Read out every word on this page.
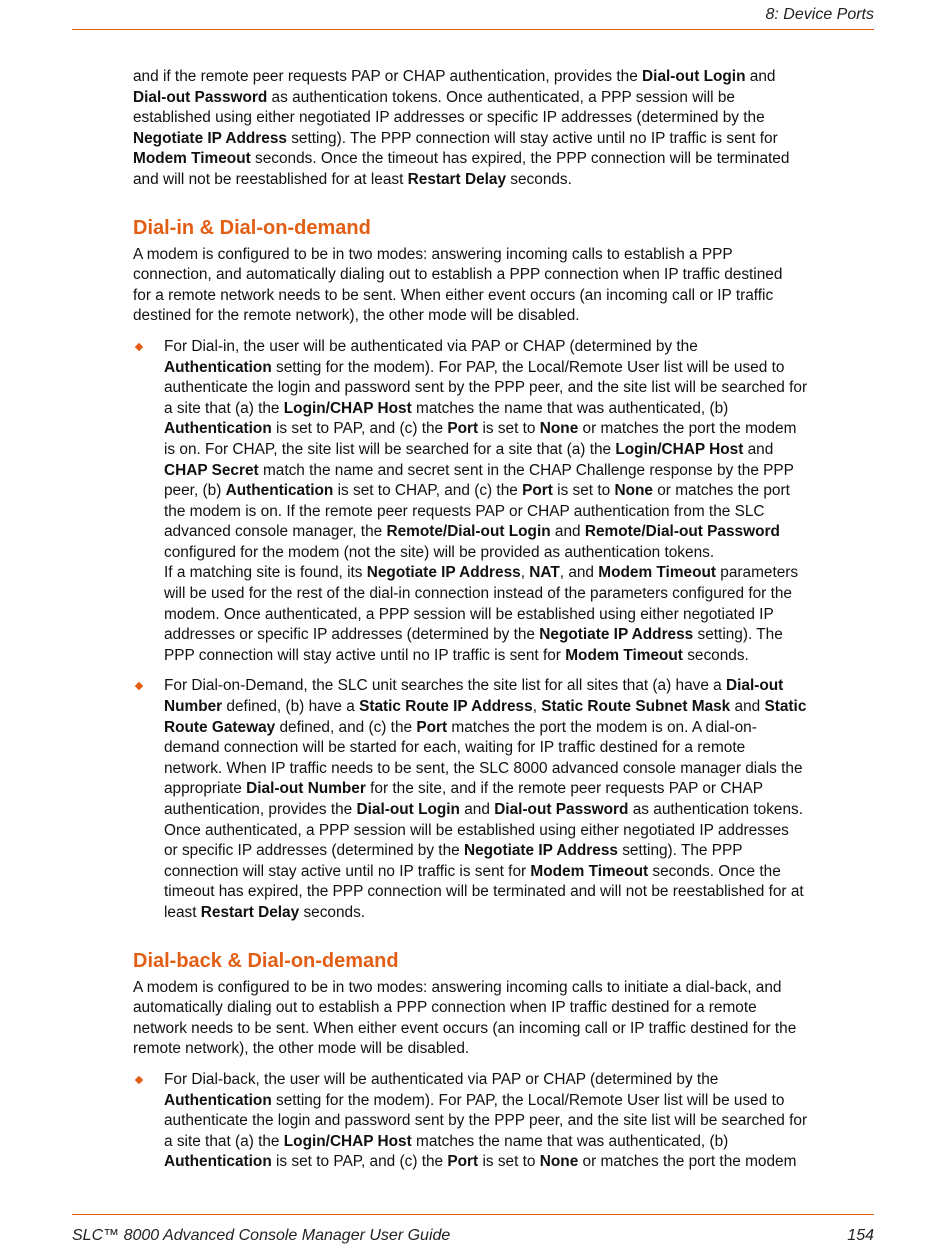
8: Device Ports
and if the remote peer requests PAP or CHAP authentication, provides the Dial-out Login and
Dial-out Password as authentication tokens. Once authenticated, a PPP session will be
established using either negotiated IP addresses or specific IP addresses (determined by the
Negotiate IP Address setting). The PPP connection will stay active until no IP traffic is sent for
Modem Timeout seconds. Once the timeout has expired, the PPP connection will be terminated
and will not be reestablished for at least Restart Delay seconds.
Dial-in & Dial-on-demand
A modem is configured to be in two modes: answering incoming calls to establish a PPP
connection, and automatically dialing out to establish a PPP connection when IP traffic destined
for a remote network needs to be sent. When either event occurs (an incoming call or IP traffic
destined for the remote network), the other mode will be disabled.
For Dial-in, the user will be authenticated via PAP or CHAP (determined by the
Authentication setting for the modem). For PAP, the Local/Remote User list will be used to
authenticate the login and password sent by the PPP peer, and the site list will be searched for
a site that (a) the Login/CHAP Host matches the name that was authenticated, (b)
Authentication is set to PAP, and (c) the Port is set to None or matches the port the modem
is on. For CHAP, the site list will be searched for a site that (a) the Login/CHAP Host and
CHAP Secret match the name and secret sent in the CHAP Challenge response by the PPP
peer, (b) Authentication is set to CHAP, and (c) the Port is set to None or matches the port
the modem is on. If the remote peer requests PAP or CHAP authentication from the SLC
advanced console manager, the Remote/Dial-out Login and Remote/Dial-out Password
configured for the modem (not the site) will be provided as authentication tokens.
If a matching site is found, its Negotiate IP Address, NAT, and Modem Timeout parameters
will be used for the rest of the dial-in connection instead of the parameters configured for the
modem. Once authenticated, a PPP session will be established using either negotiated IP
addresses or specific IP addresses (determined by the Negotiate IP Address setting). The
PPP connection will stay active until no IP traffic is sent for Modem Timeout seconds.
For Dial-on-Demand, the SLC unit searches the site list for all sites that (a) have a Dial-out
Number defined, (b) have a Static Route IP Address, Static Route Subnet Mask and Static
Route Gateway defined, and (c) the Port matches the port the modem is on. A dial-on-
demand connection will be started for each, waiting for IP traffic destined for a remote
network. When IP traffic needs to be sent, the SLC 8000 advanced console manager dials the
appropriate Dial-out Number for the site, and if the remote peer requests PAP or CHAP
authentication, provides the Dial-out Login and Dial-out Password as authentication tokens.
Once authenticated, a PPP session will be established using either negotiated IP addresses
or specific IP addresses (determined by the Negotiate IP Address setting). The PPP
connection will stay active until no IP traffic is sent for Modem Timeout seconds. Once the
timeout has expired, the PPP connection will be terminated and will not be reestablished for at
least Restart Delay seconds.
Dial-back & Dial-on-demand
A modem is configured to be in two modes: answering incoming calls to initiate a dial-back, and
automatically dialing out to establish a PPP connection when IP traffic destined for a remote
network needs to be sent. When either event occurs (an incoming call or IP traffic destined for the
remote network), the other mode will be disabled.
For Dial-back, the user will be authenticated via PAP or CHAP (determined by the
Authentication setting for the modem). For PAP, the Local/Remote User list will be used to
authenticate the login and password sent by the PPP peer, and the site list will be searched for
a site that (a) the Login/CHAP Host matches the name that was authenticated, (b)
Authentication is set to PAP, and (c) the Port is set to None or matches the port the modem
SLC™ 8000 Advanced Console Manager User Guide	154
